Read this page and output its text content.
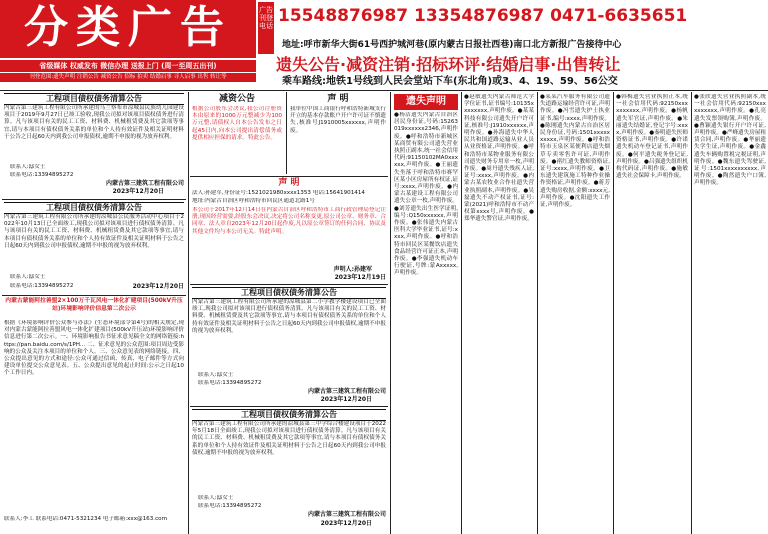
分类广告	广告刊登电话 15548876987 13354876987 0471-6635651
地址:呼市新华大街61号西护城河巷(原内蒙古日报社西巷)南口北方新报广告接待中心
省级媒体 权威发布 微信办理 送报上门 (周一至周五出刊)
刊登范围:遗失声明 注销公告 减资公告 招标 拍卖 结婚启事 寻人启事 出售 转让等
遗失公告·减资注销·招标环评·结婚启事·出售转让
乘车路线:地铁1号线到人民会堂站下车(东北角)或3、4、19、59、56公交
工程项目债权债务清算公告
内蒙古第三建筑工程有限公司所承建的乌兰察布市凉城县民族幼儿园建设项目于2019年9月27日已竣工验收,现我公司拟对该项目债权债务进行清算。凡与该项目有关的民工工资、材料费、机械租赁费及其它款项等事宜,请与本项目有债权债务关系的单位和个人持有效证件及相关证明材料于公告之日起60天内到我公司申报债权,逾期不申报的视为放弃权利。
联系人:邸女士
联系电话:13394895272
内蒙古第三建筑工程有限公司
2023年12月20日
工程项目债权债务清算公告
内蒙古第三建筑工程有限公司所承建的凉城县公民服务活动中心项目于2022年10月13日已全面竣工,现我公司拟对该项目进行债权债务清算。凡与该项目有关的民工工资、材料费、机械租赁费及其它款项等事宜,请与本项目有债权债务关系的单位和个人持有效证件及相关证明材料于公告之日起60天内到我公司申报债权,逾期不申报的视为放弃权利。
联系人:邸女士
联系电话:13394895272	2023年12月20日
内蒙古蒙能阿拉善盟2×100万千瓦风电一体化扩建项目(500kV升压站)环境影响评价信息第二次公示
根据《环境影响评价公众参与办法》(生态环境部令第4号)的相关规定,现对内蒙古蒙能阿拉善盟风电一体化扩建项目(500kV升压站)环境影响评价信息进行第二次公示。一、环境影响报告书征求意见稿全文的网络链接:https://pan.baidu.com/s/1PH... 二、征求意见的公众范围:项目周边受影响的公众及关注本项目的单位和个人。三、公众意见表的网络链接。四、公众提出意见的方式和途径:公众可通过信函、传真、电子邮件等方式向建设单位提交公众意见表。五、公众提出意见的起止时间:公示之日起10个工作日内。
联系人:李工 联系电话:0471-5321234 电子邮箱:xxx@163.com
减资公告
根据公司股东会决议,我公司注册资本由原来的1000万元整减少为100万元整,请债权人自本公告发布之日起45日内,向本公司提出清偿债务或提供相应担保的请求。特此公告。
声 明
我单位中国工商银行呼和浩特新城支行开立的基本存款账户开户许可证不慎遗失,核准号J1910005xxxxxx,声明作废。
声 明
法人:孙建军,身份证号:1521021980xxxx1353 电话:15641901414
地址:内蒙古自治区呼和浩特市回民区通道北路1号
本公司于2017年12月14日在内蒙古自治区呼和浩特市工商行政管理局登记注册,现因经营需要,经股东会决议,决定将公司名称变更,原公司公章、财务章、合同章、法人章自2023年12月20日起作废,凡以原公章签订的任何合同、协议及其他文件均与本公司无关。特此声明。
声明人:孙建军
2023年12月19日
工程项目债权债务清算公告
内蒙古第三建筑工程有限公司所承建的凉城县第二小学教学楼建设项目已全面竣工,现我公司拟对该项目进行债权债务清算。凡与该项目有关的民工工资、材料费、机械租赁费及其它款项等事宜,请与本项目有债权债务关系的单位和个人持有效证件及相关证明材料于公告之日起60天内到我公司申报债权,逾期不申报的视为放弃权利。
联系人:邸女士
联系电话:13394895272
内蒙古第三建筑工程有限公司
2023年12月20日
工程项目债权债务清算公告
内蒙古第三建筑工程有限公司所承建的凉城县第三中学综合楼建设项目于2022年5月18日全面竣工,现我公司拟对该项目进行债权债务清算。凡与该项目有关的民工工资、材料费、机械租赁费及其它款项等事宜,请与本项目有债权债务关系的单位和个人持有效证件及相关证明材料于公告之日起60天内到我公司申报债权,逾期不申报的视为放弃权利。
联系人:邸女士
联系电话:13394895272
内蒙古第三建筑工程有限公司
2023年12月20日
遗失声明
●杨洁遗失内蒙古自治区居民身份证,号码:15263019xxxxxx2346,声明作废。●呼和浩特市新城区某商贸有限公司遗失营业执照正副本,统一社会信用代码:91150102MA0xxxxxx,声明作废。●王丽遗失坐落于呼和浩特市赛罕区某小区房屋所有权证,证号:xxxx,声明作废。●内蒙古某建设工程有限公司遗失公章一枚,声明作废。●刘芳遗失出生医学证明,编号:Q150xxxxxx,声明作废。●张伟遗失内蒙古医科大学毕业证书,证号:xxxx,声明作废。●呼和浩特市回民区某餐饮店遗失食品经营许可证正本,声明作废。●李强遗失机动车行驶证,号牌:蒙Axxxxx,声明作废。
●赵敏遗失内蒙古师范大学学位证书,证书编号:10135xxxxxxxx,声明作废。●某某科技有限公司遗失开户许可证,核准号:J1910xxxxxx,声明作废。●孙海遗失中华人民共和国道路运输从业人员从业资格证,声明作废。●呼和浩特市某物业服务有限公司遗失财务专用章一枚,声明作废。●周丹遗失残疾人证,证号:xxxx,声明作废。●内蒙古某农牧业合作社遗失营业执照副本,声明作废。●吴磊遗失不动产权证书,证号:蒙(2021)呼和浩特市不动产权第xxxx号,声明作废。●郑华遗失警官证,声明作废。
●某某汽车服务有限公司遗失道路运输经营许可证,声明作废。●冯雪遗失护士执业证书,编号:xxxx,声明作废。●陈刚遗失内蒙古自治区居民身份证,号码:1501xxxxxxxxxx,声明作废。●呼和浩特市玉泉区某便利店遗失烟草专卖零售许可证,声明作废。●褚红遗失教师资格证,证号:xxxx,声明作废。●卫东遗失建筑施工特种作业操作资格证,声明作废。●蒋芳遗失购房收据,金额:xxxx元,声明作废。●沈阳遗失工作证,声明作废。
●韩梅遗失营业执照正本,统一社会信用代码:92150xxxxxxxxxx,声明作废。●杨帆遗失军官证,声明作废。●朱丽遗失结婚证,登记字号:xxxx,声明作废。●秦明遗失医师资格证书,声明作废。●许诺遗失机动车登记证书,声明作废。●何平遗失税务登记证,声明作废。●吕强遗失组织机构代码证,声明作废。●施敏遗失社会保障卡,声明作废。
●张欣遗失营业执照副本,统一社会信用代码:92150xxxxxxxxxx,声明作废。●孔亮遗失发票领购簿,声明作废。●曹颖遗失银行开户许可证,声明作废。●严峰遗失房屋租赁合同,声明作废。●华丽遗失学生证,声明作废。●金鑫遗失车辆购置税完税证明,声明作废。●魏东遗失驾驶证,证号:1501xxxxxxxxxx,声明作废。●陶然遗失户口簿,声明作废。
